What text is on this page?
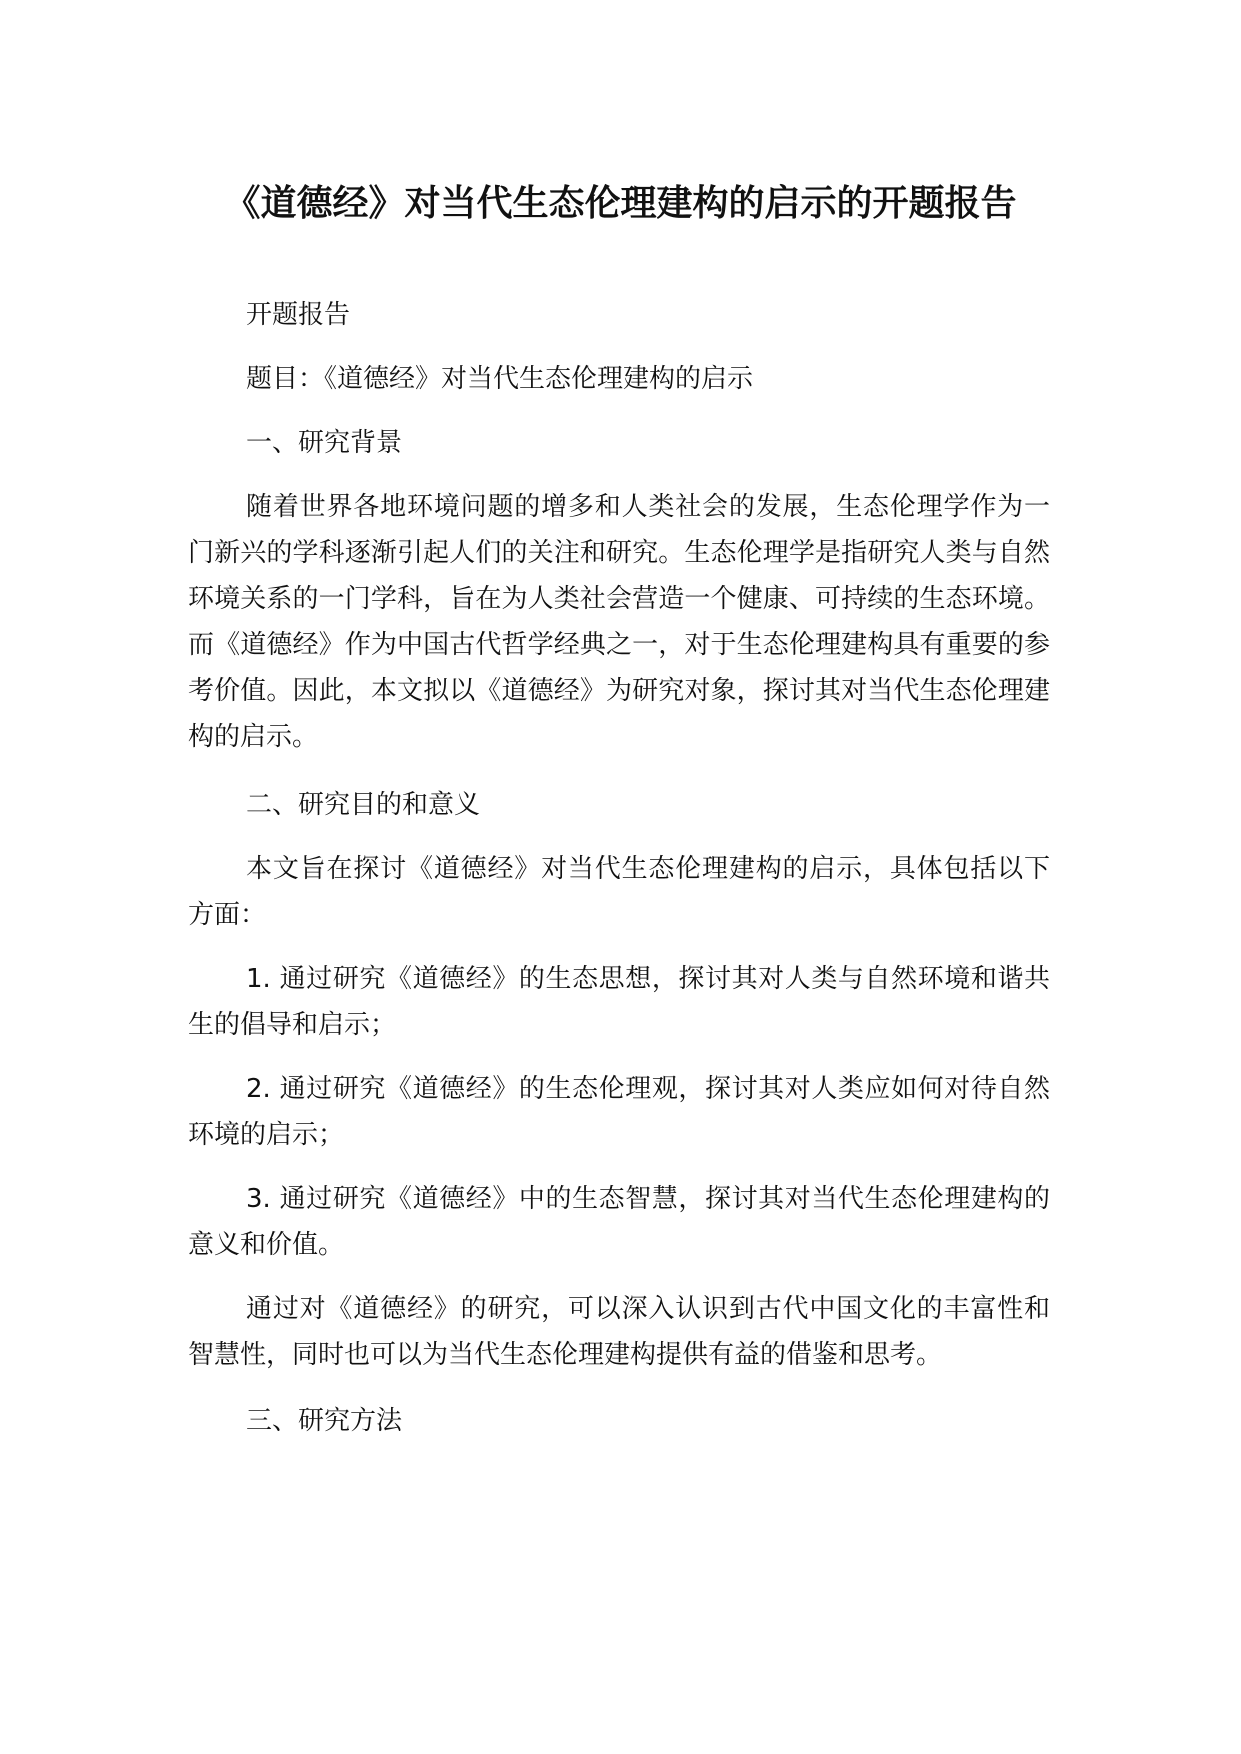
《道德经》对当代生态伦理建构的启示的开题报告

开题报告

题目：《道德经》对当代生态伦理建构的启示

一、研究背景

随着世界各地环境问题的增多和人类社会的发展，生态伦理学作为一门新兴的学科逐渐引起人们的关注和研究。生态伦理学是指研究人类与自然环境关系的一门学科，旨在为人类社会营造一个健康、可持续的生态环境。而《道德经》作为中国古代哲学经典之一，对于生态伦理建构具有重要的参考价值。因此，本文拟以《道德经》为研究对象，探讨其对当代生态伦理建构的启示。

二、研究目的和意义

本文旨在探讨《道德经》对当代生态伦理建构的启示，具体包括以下方面：

1. 通过研究《道德经》的生态思想，探讨其对人类与自然环境和谐共生的倡导和启示；

2. 通过研究《道德经》的生态伦理观，探讨其对人类应如何对待自然环境的启示；

3. 通过研究《道德经》中的生态智慧，探讨其对当代生态伦理建构的意义和价值。

通过对《道德经》的研究，可以深入认识到古代中国文化的丰富性和智慧性，同时也可以为当代生态伦理建构提供有益的借鉴和思考。

三、研究方法
